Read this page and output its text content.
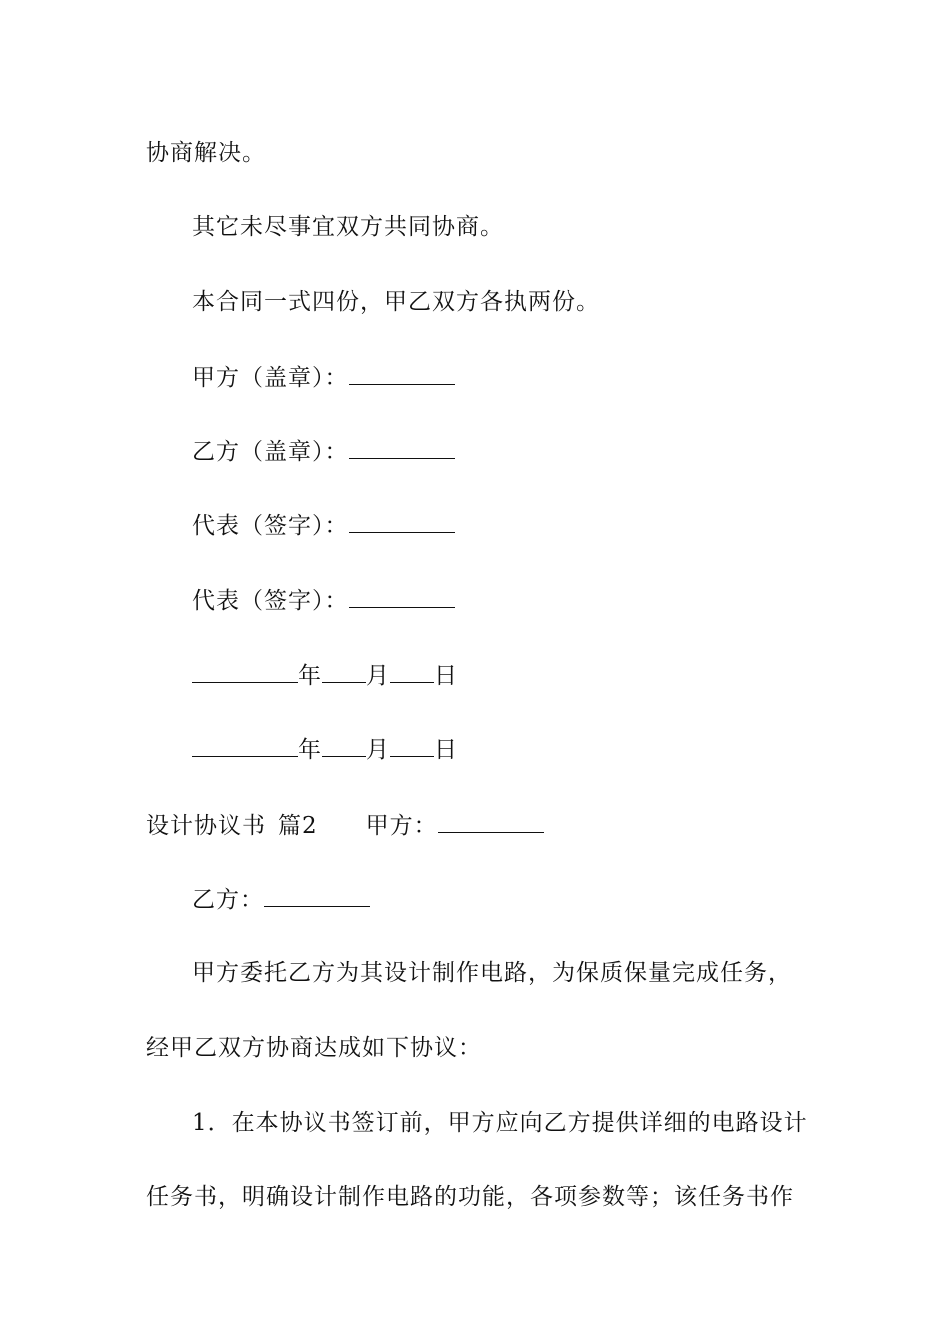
协商解决。
其它未尽事宜双方共同协商。
本合同一式四份，甲乙双方各执两份。
甲方（盖章）：
乙方（盖章）：
代表（签字）：
代表（签字）：
年 月 日
年 月 日
设计协议书 篇2 甲方：
乙方：
甲方委托乙方为其设计制作电路，为保质保量完成任务，
经甲乙双方协商达成如下协议：
1．在本协议书签订前，甲方应向乙方提供详细的电路设计
任务书，明确设计制作电路的功能，各项参数等；该任务书作
